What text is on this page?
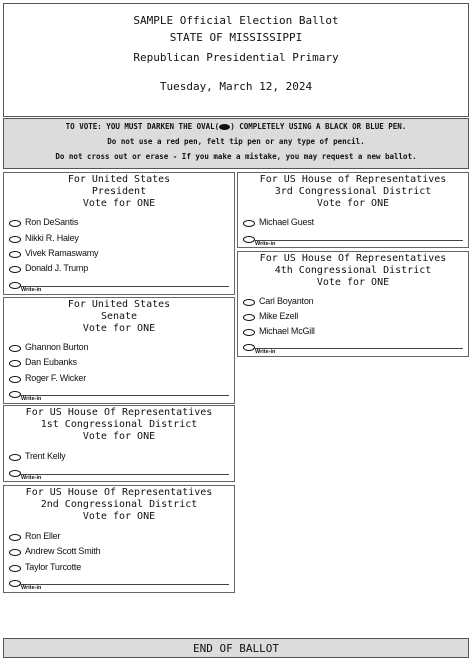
SAMPLE Official Election Ballot
STATE OF MISSISSIPPI
Republican Presidential Primary
Tuesday, March 12, 2024
TO VOTE: YOU MUST DARKEN THE OVAL( ) COMPLETELY USING A BLACK OR BLUE PEN.
Do not use a red pen, felt tip pen or any type of pencil.
Do not cross out or erase - If you make a mistake, you may request a new ballot.
For United States
President
Vote for ONE
Ron DeSantis
Nikki R. Haley
Vivek Ramaswamy
Donald J. Trump
Write-in
For United States
Senate
Vote for ONE
Ghannon Burton
Dan Eubanks
Roger F. Wicker
Write-in
For US House Of Representatives
1st Congressional District
Vote for ONE
Trent Kelly
Write-in
For US House Of Representatives
2nd Congressional District
Vote for ONE
Ron Eller
Andrew Scott Smith
Taylor Turcotte
Write-in
For US House of Representatives
3rd Congressional District
Vote for ONE
Michael Guest
Write-in
For US House Of Representatives
4th Congressional District
Vote for ONE
Carl Boyanton
Mike Ezell
Michael McGill
Write-in
END OF BALLOT
